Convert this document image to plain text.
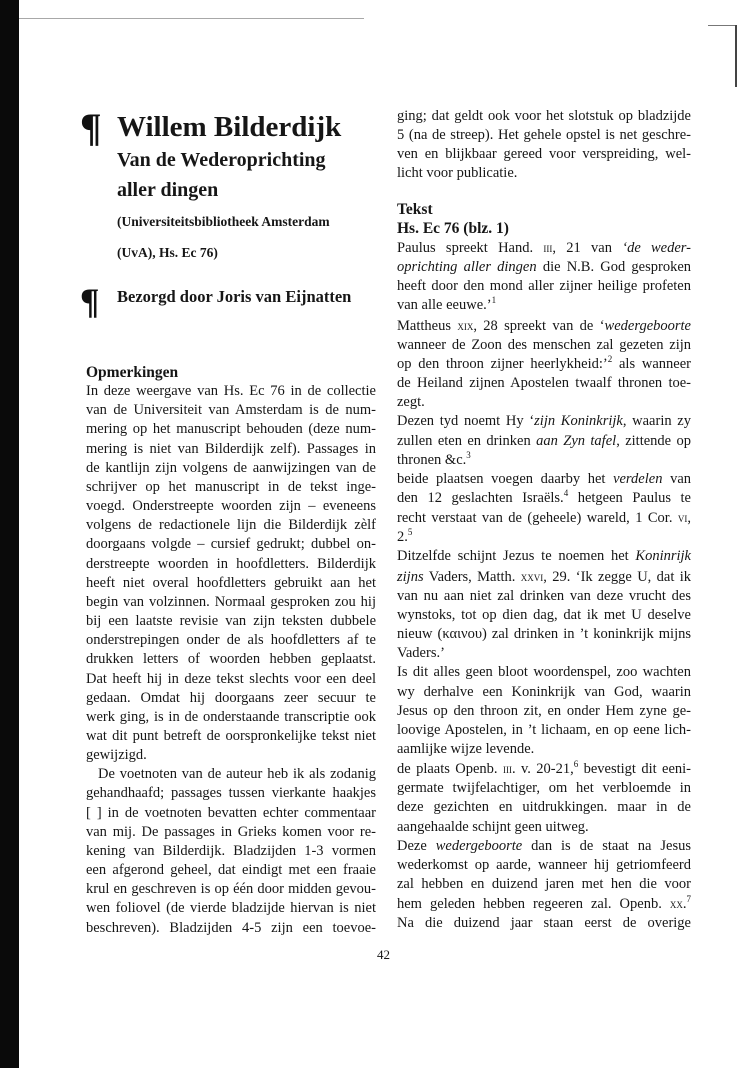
¶ Willem Bilderdijk
Van de Wederoprichting
aller dingen
(Universiteitsbibliotheek Amsterdam
(UvA), Hs. Ec 76)
¶ Bezorgd door Joris van Eijnatten
Opmerkingen
In deze weergave van Hs. Ec 76 in de collectie
van de Universiteit van Amsterdam is de num-
mering op het manuscript behouden (deze num-
mering is niet van Bilderdijk zelf). Passages in
de kantlijn zijn volgens de aanwijzingen van de
schrijver op het manuscript in de tekst inge-
voegd. Onderstreepte woorden zijn – eveneens
volgens de redactionele lijn die Bilderdijk zèlf
doorgaans volgde – cursief gedrukt; dubbel on-
derstreepte woorden in hoofdletters. Bilderdijk
heeft niet overal hoofdletters gebruikt aan het
begin van volzinnen. Normaal gesproken zou hij
bij een laatste revisie van zijn teksten dubbele
onderstrepingen onder de als hoofdletters af te
drukken letters of woorden hebben geplaatst.
Dat heeft hij in deze tekst slechts voor een deel
gedaan. Omdat hij doorgaans zeer secuur te
werk ging, is in de onderstaande transcriptie ook
wat dit punt betreft de oorspronkelijke tekst niet
gewijzigd.
De voetnoten van de auteur heb ik als zodanig
gehandhaafd; passages tussen vierkante haakjes
[ ] in de voetnoten bevatten echter commentaar
van mij. De passages in Grieks komen voor re-
kening van Bilderdijk. Bladzijden 1-3 vormen
een afgerond geheel, dat eindigt met een fraaie
krul en geschreven is op één door midden gevou-
wen foliovel (de vierde bladzijde hiervan is niet
beschreven). Bladzijden 4-5 zijn een toevoe-
ging; dat geldt ook voor het slotstuk op bladzijde
5 (na de streep). Het gehele opstel is net geschre-
ven en blijkbaar gereed voor verspreiding, wel-
licht voor publicatie.
Tekst
Hs. Ec 76 (blz. 1)
Paulus spreekt Hand. iii, 21 van ‘de weder-
oprichting aller dingen die N.B. God gesproken
heeft door den mond aller zijner heilige profeten
van alle eeuwe.’$^1$
Mattheus xix, 28 spreekt van de ‘wedergeboorte
wanneer de Zoon des menschen zal gezeten zijn
op den throon zijner heerlykheid:’$^2$ als wanneer
de Heiland zijnen Apostelen twaalf thronen toe-
zegt.
Dezen tyd noemt Hy ‘zijn Koninkrijk, waarin zy
zullen eten en drinken aan Zyn tafel, zittende op
thronen &c.$^3$
beide plaatsen voegen daarby het verdelen van
den 12 geslachten Israëls.$^4$ hetgeen Paulus te
recht verstaat van de (geheele) wareld, 1 Cor. vi,
2.$^5$
Ditzelfde schijnt Jezus te noemen het Koninrijk
zijns Vaders, Matth. xxvi, 29. ‘Ik zegge U, dat ik
van nu aan niet zal drinken van deze vrucht des
wynstoks, tot op dien dag, dat ik met U deselve
nieuw (καινου) zal drinken in ’t koninkrijk mijns
Vaders.’
Is dit alles geen bloot woordenspel, zoo wachten
wy derhalve een Koninkrijk van God, waarin
Jesus op den throon zit, en onder Hem zyne ge-
loovige Apostelen, in ’t lichaam, en op eene lich-
aamlijke wijze levende.
de plaats Openb. iii. v. 20-21,$^6$ bevestigt dit eeni-
germate twijfelachtiger, om het verbloemde in
deze gezichten en uitdrukkingen. maar in de
aangehaalde schijnt geen uitweg.
Deze wedergeboorte dan is de staat na Jesus
wederkomst op aarde, wanneer hij getriomfeerd
zal hebben en duizend jaren met hen die voor
hem geleden hebben regeeren zal. Openb. xx.$^7$
Na die duizend jaar staan eerst de overige
42
